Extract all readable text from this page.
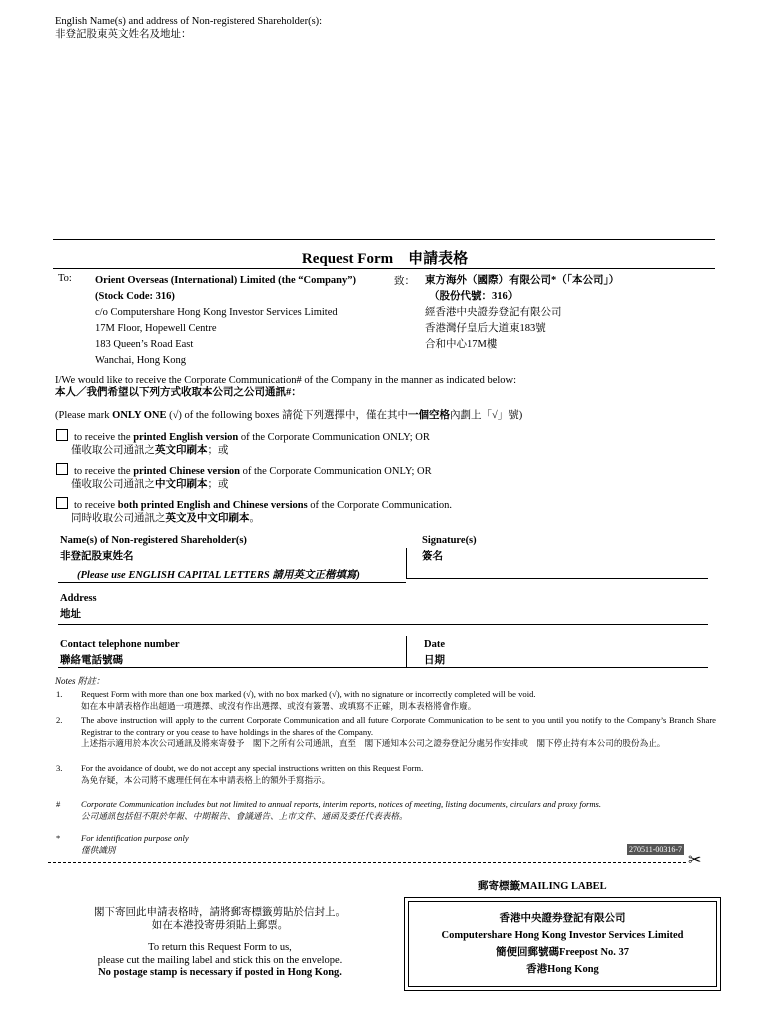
English Name(s) and address of Non-registered Shareholder(s):
非登記股東英文姓名及地址：
Request Form 申請表格
To: Orient Overseas (International) Limited (the “Company”)
(Stock Code: 316)
c/o Computershare Hong Kong Investor Services Limited
17M Floor, Hopewell Centre
183 Queen’s Road East
Wanchai, Hong Kong
致： 東方海外（國際）有限公司*（「本公司」）
（股份代號：316）
經香港中央證券登記有限公司
香港灣仔皇后大道東183號
合和中心17M樓
I/We would like to receive the Corporate Communication# of the Company in the manner as indicated below:
本人／我們希望以下列方式收取本公司之公司通訊#：
(Please mark ONLY ONE (√) of the following boxes 請從下列選擇中，僅在其中一個空格內劃上「√」號)
to receive the printed English version of the Corporate Communication ONLY; OR
僅收取公司通訊之英文印刷本；或
to receive the printed Chinese version of the Corporate Communication ONLY; OR
僅收取公司通訊之中文印刷本；或
to receive both printed English and Chinese versions of the Corporate Communication.
同時收取公司通訊之英文及中文印刷本。
Name(s) of Non-registered Shareholder(s)
非登記股東姓名
(Please use ENGLISH CAPITAL LETTERS 請用英文正楷填寫)
Signature(s)
簽名
Address
地址
Contact telephone number
聯絡電話號碼
Date
日期
Notes 附註：
1. Request Form with more than one box marked (√), with no box marked (√), with no signature or incorrectly completed will be void.
如在本申請表格作出超過一項選擇、或沒有作出選擇、或沒有簽署、或填寫不正確，則本表格將會作廢。
2. The above instruction will apply to the current Corporate Communication and all future Corporate Communication to be sent to you until you notify to the Company’s Branch Share Registrar to the contrary or you cease to have holdings in the shares of the Company.
上述指示適用於本次公司通訊及將來寄發予　閣下之所有公司通訊，直至　閣下通知本公司之證券登記分處另作安排或　閣下停止持有本公司的股份為止。
3. For the avoidance of doubt, we do not accept any special instructions written on this Request Form.
為免存疑，本公司將不處理任何在本申請表格上的額外手寫指示。
# Corporate Communication includes but not limited to annual reports, interim reports, notices of meeting, listing documents, circulars and proxy forms.
公司通訊包括但不限於年報、中期報告、會議通告、上市文件、通函及委任代表表格。
* For identification purpose only
僅供識別	270511-00316-7
✂
郵寄標籤MAILING LABEL
閣下寄回此申請表格時，請將郵寄標籤剪貼於信封上。
如在本港投寄毋須貼上郵票。
To return this Request Form to us,
please cut the mailing label and stick this on the envelope.
No postage stamp is necessary if posted in Hong Kong.
香港中央證券登記有限公司
Computershare Hong Kong Investor Services Limited
簡便回郵號碼Freepost No. 37
香港Hong Kong
